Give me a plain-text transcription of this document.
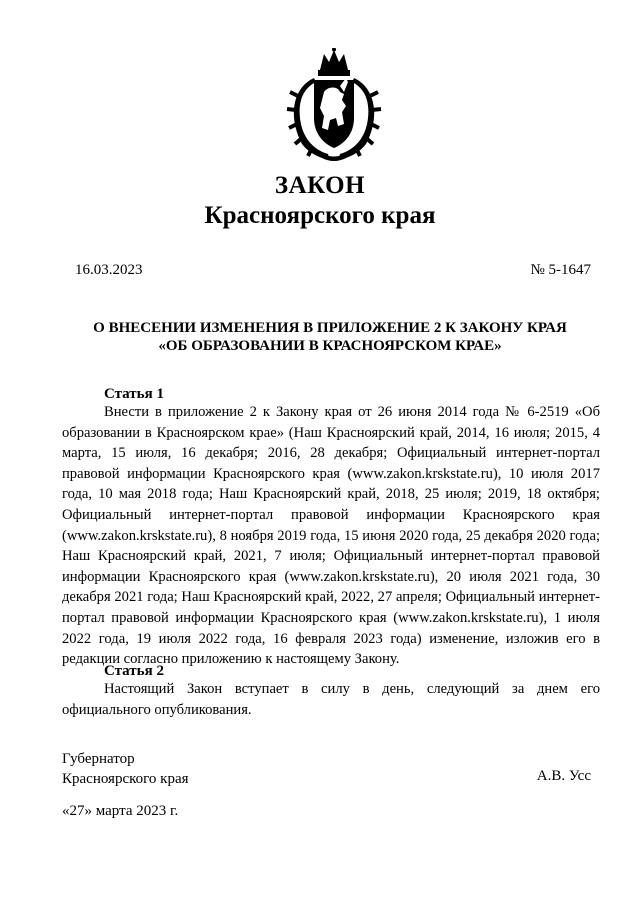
ЗАКОН
Красноярского края
16.03.2023	№ 5-1647
О ВНЕСЕНИИ ИЗМЕНЕНИЯ В ПРИЛОЖЕНИЕ 2 К ЗАКОНУ КРАЯ
«ОБ ОБРАЗОВАНИИ В КРАСНОЯРСКОМ КРАЕ»
Статья 1
Внести в приложение 2 к Закону края от 26 июня 2014 года № 6-2519 «Об образовании в Красноярском крае» (Наш Красноярский край, 2014, 16 июля; 2015, 4 марта, 15 июля, 16 декабря; 2016, 28 декабря; Официальный интернет-портал правовой информации Красноярского края (www.zakon.krskstate.ru), 10 июля 2017 года, 10 мая 2018 года; Наш Красноярский край, 2018, 25 июля; 2019, 18 октября; Официальный интернет-портал правовой информации Красноярского края (www.zakon.krskstate.ru), 8 ноября 2019 года, 15 июня 2020 года, 25 декабря 2020 года; Наш Красноярский край, 2021, 7 июля; Официальный интернет-портал правовой информации Красноярского края (www.zakon.krskstate.ru), 20 июля 2021 года, 30 декабря 2021 года; Наш Красноярский край, 2022, 27 апреля; Официальный интернет-портал правовой информации Красноярского края (www.zakon.krskstate.ru), 1 июля 2022 года, 19 июля 2022 года, 16 февраля 2023 года) изменение, изложив его в редакции согласно приложению к настоящему Закону.
Статья 2
Настоящий Закон вступает в силу в день, следующий за днем его официального опубликования.
Губернатор
Красноярского края	А.В. Усс
«27» марта 2023 г.
